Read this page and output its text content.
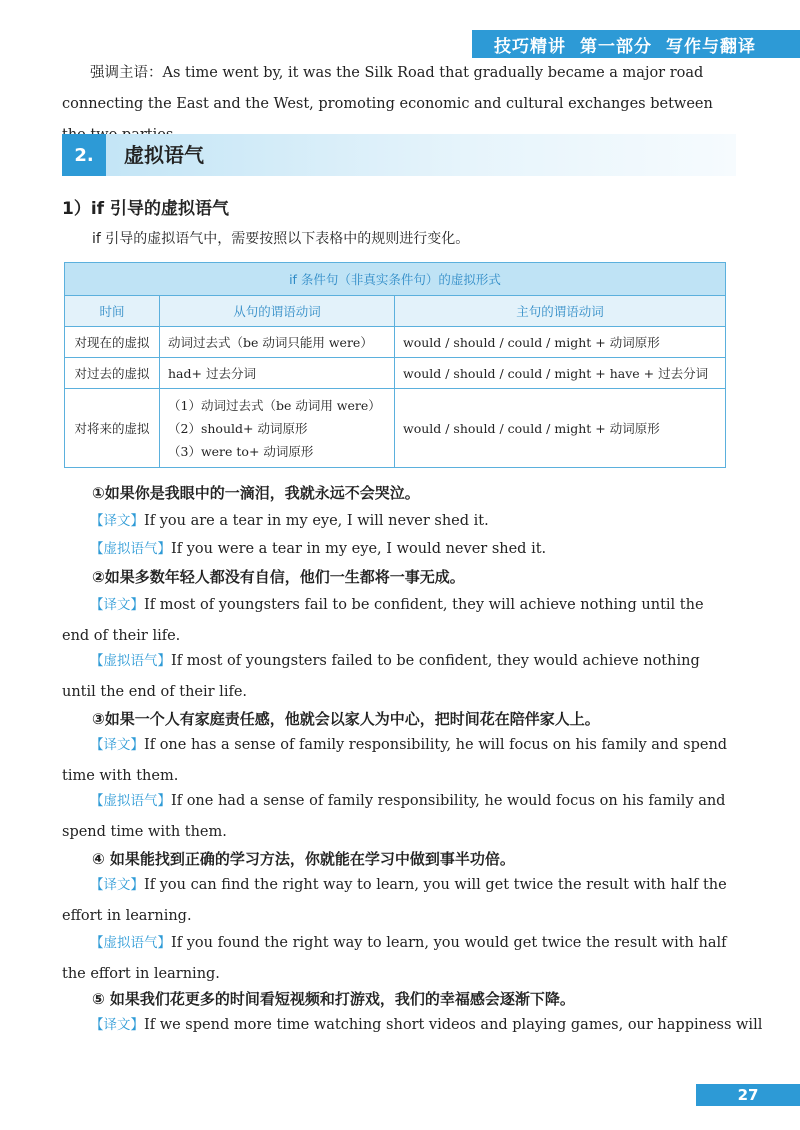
技巧精讲 第一部分 写作与翻译
强调主语：As time went by, it was the Silk Road that gradually became a major road connecting the East and the West, promoting economic and cultural exchanges between
2.	虚拟语气
1）if 引导的虚拟语气
if 引导的虚拟语气中，需要按照以下表格中的规则进行变化。
if 条件句（非真实条件句）的虚拟形式		
时间	从句的谓语动词	主句的谓语动词
对现在的虚拟	动词过去式（be 动词只能用 were）	would / should / could / might + 动词原形
对过去的虚拟	had+ 过去分词	would / should / could / might + have + 过去分词
对将来的虚拟	（1）动词过去式（be 动词用 were）
（2）should+ 动词原形
（3）were to+ 动词原形	would / should / could / might + 动词原形
①如果你是我眼中的一滴泪，我就永远不会哭泣。
【译文】If you are a tear in my eye, I will never shed it.
【虚拟语气】If you were a tear in my eye, I would never shed it.
②如果多数年轻人都没有自信，他们一生都将一事无成。
【译文】If most of youngsters fail to be confident, they will achieve nothing until the end of their life.
【虚拟语气】If most of youngsters failed to be confident, they would achieve nothing until the end of their life.
③如果一个人有家庭责任感，他就会以家人为中心，把时间花在陪伴家人上。
【译文】If one has a sense of family responsibility, he will focus on his family and spend time with them.
【虚拟语气】If one had a sense of family responsibility, he would focus on his family and spend time with them.
④ 如果能找到正确的学习方法，你就能在学习中做到事半功倍。
【译文】If you can find the right way to learn, you will get twice the result with half the effort in learning.
【虚拟语气】If you found the right way to learn, you would get twice the result with half the effort in learning.
⑤ 如果我们花更多的时间看短视频和打游戏，我们的幸福感会逐渐下降。
【译文】If we spend more time watching short videos and playing games, our happiness will
27
